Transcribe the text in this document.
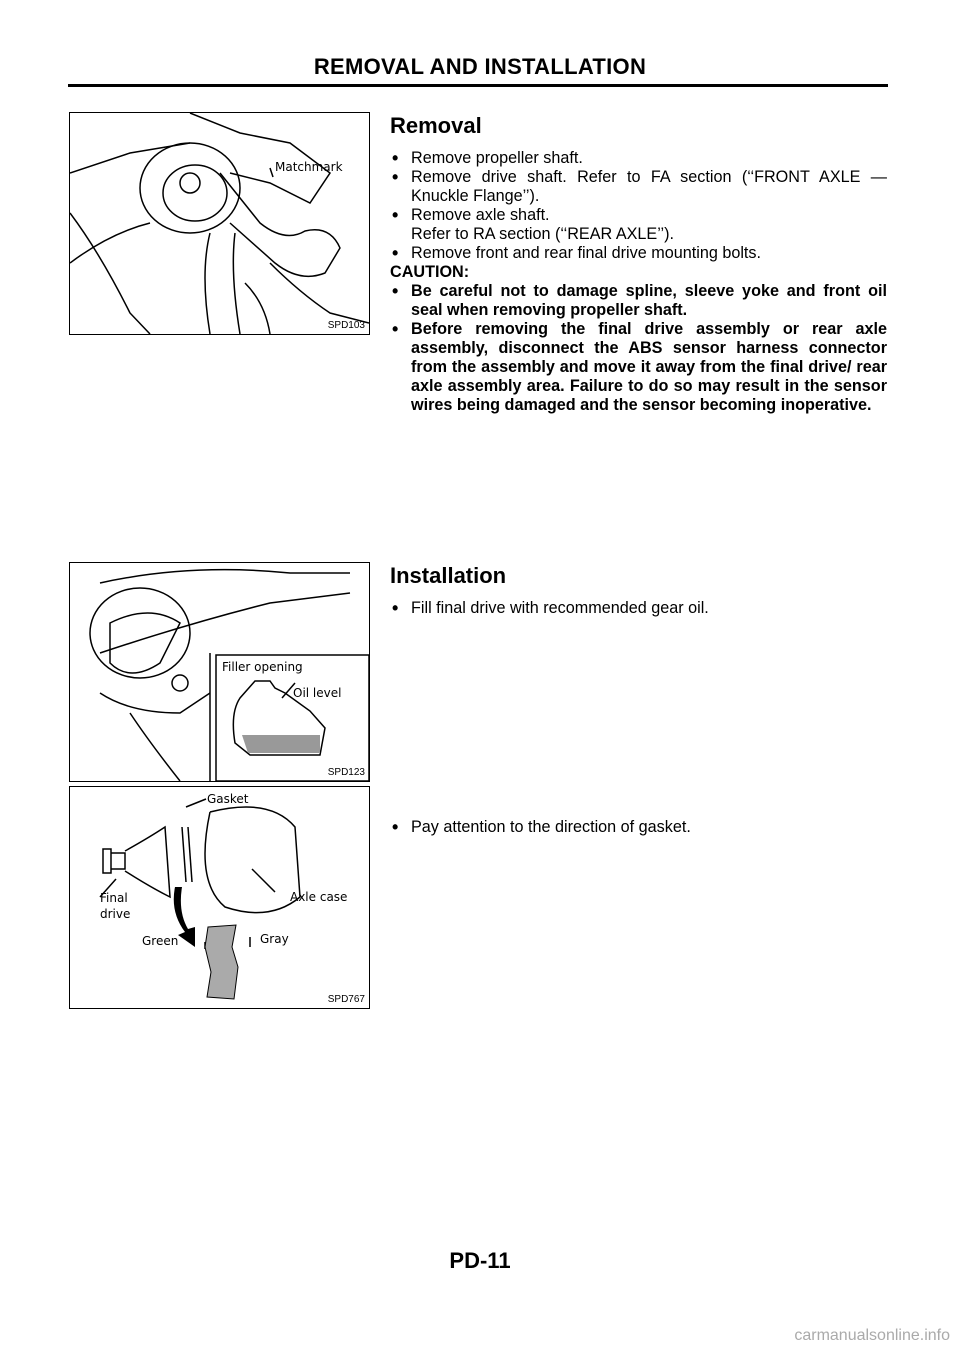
REMOVAL AND INSTALLATION
Matchmark
SPD103
Removal
• Remove propeller shaft.
• Remove drive shaft. Refer to FA section (‘‘FRONT AXLE — Knuckle Flange’’).
• Remove axle shaft.
Refer to RA section (‘‘REAR AXLE’’).
• Remove front and rear final drive mounting bolts.
CAUTION:
• Be careful not to damage spline, sleeve yoke and front oil seal when removing propeller shaft.
• Before removing the final drive assembly or rear axle assembly, disconnect the ABS sensor harness connector from the assembly and move it away from the final drive/ rear axle assembly area. Failure to do so may result in the sensor wires being damaged and the sensor becoming inoperative.
Filler opening
Oil level
SPD123
Installation
• Fill final drive with recommended gear oil.
Gasket
Axle case
Final
drive
Green	Gray
SPD767
• Pay attention to the direction of gasket.
PD-11
carmanualsonline.info
